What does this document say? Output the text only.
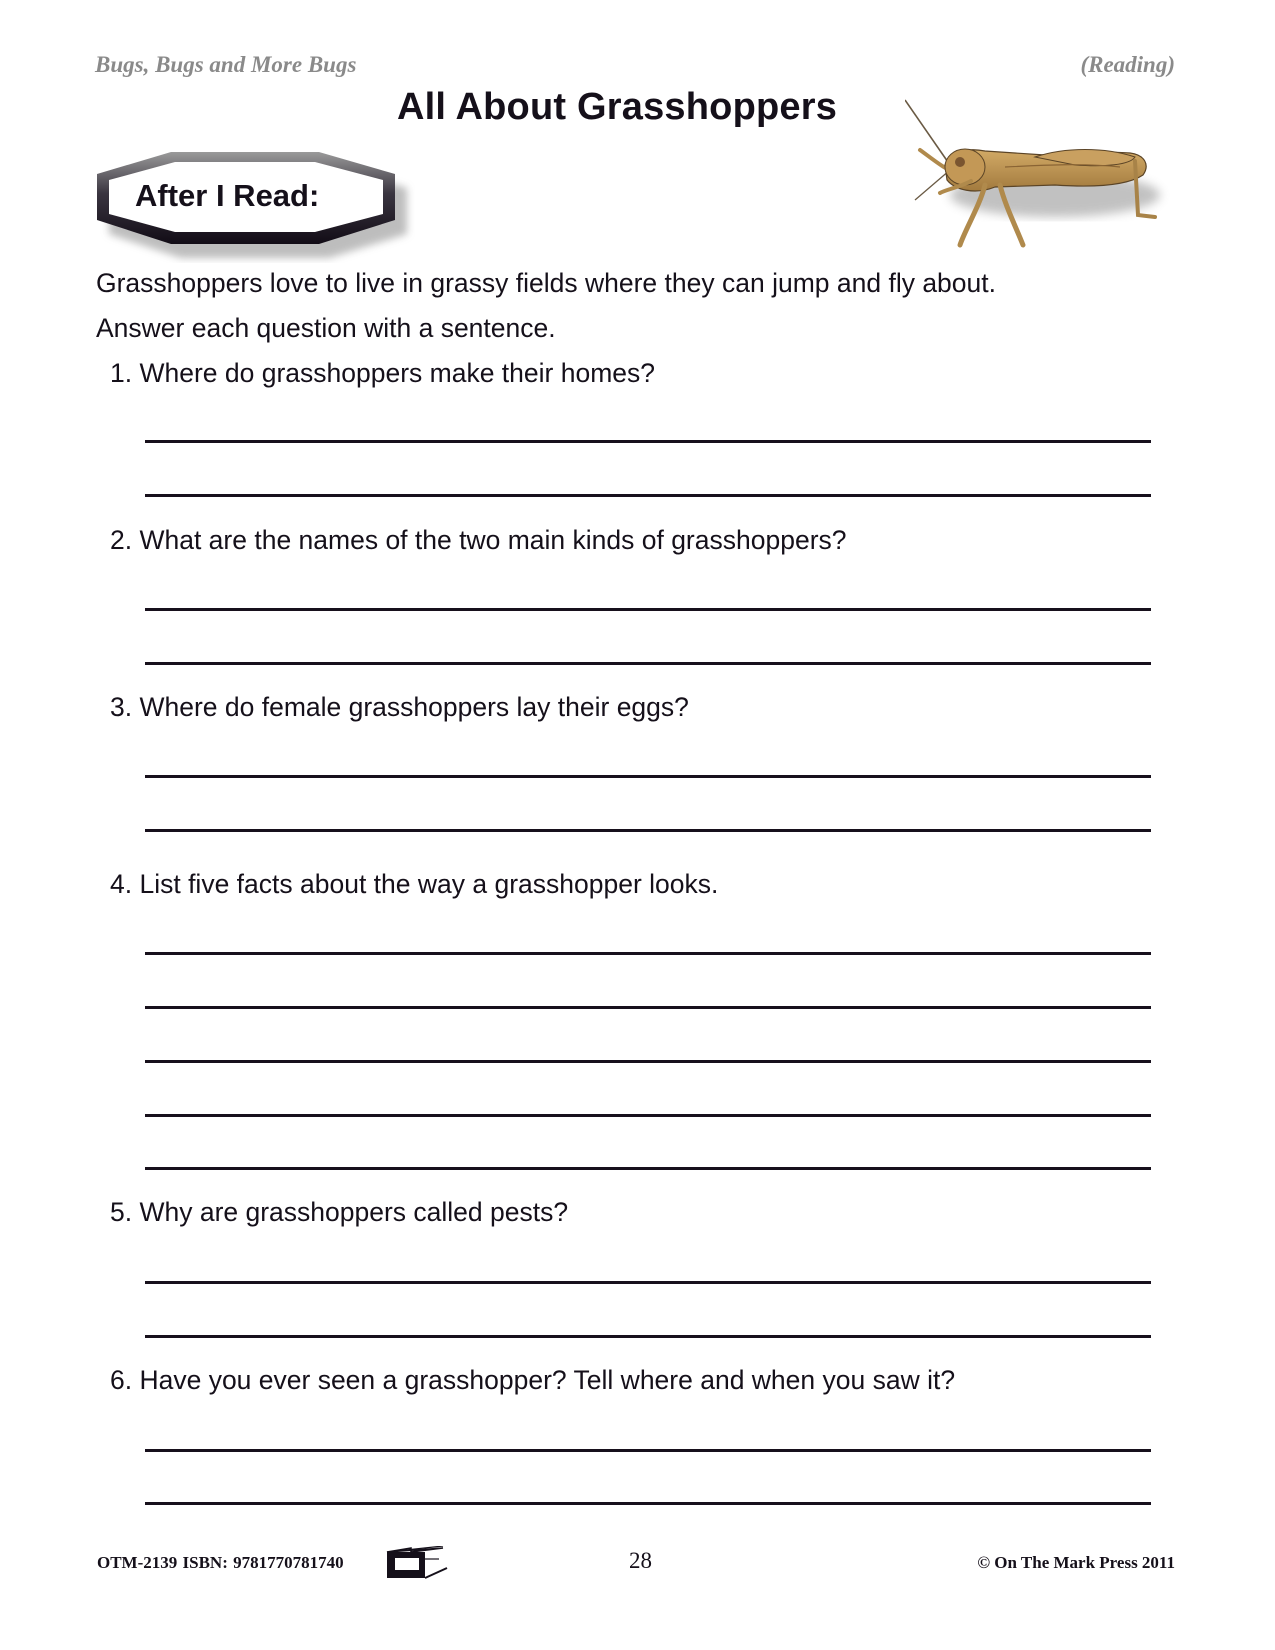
Bugs, Bugs and More Bugs	(Reading)
All About Grasshoppers
After I Read:
Grasshoppers love to live in grassy fields where they can jump and fly about.
Answer each question with a sentence.
1. Where do grasshoppers make their homes?
2. What are the names of the two main kinds of grasshoppers?
3. Where do female grasshoppers lay their eggs?
4. List five facts about the way a grasshopper looks.
5. Why are grasshoppers called pests?
6. Have you ever seen a grasshopper? Tell where and when you saw it?
OTM-2139 ISBN: 9781770781740	28	© On The Mark Press 2011
